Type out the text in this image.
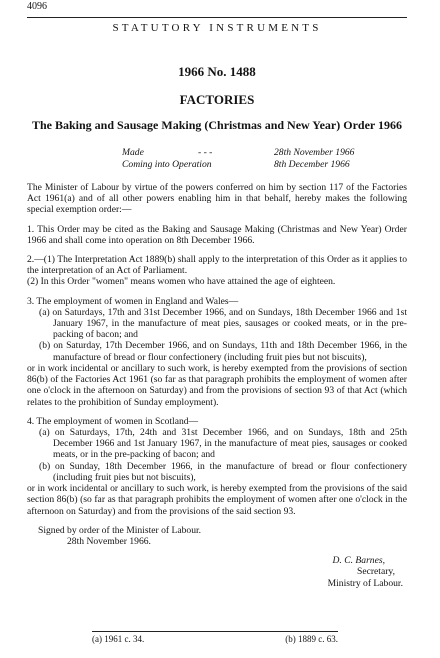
4096
STATUTORY INSTRUMENTS
1966 No. 1488
FACTORIES
The Baking and Sausage Making (Christmas and New Year) Order 1966
Made	- - -	28th November 1966
Coming into Operation	8th December 1966

The Minister of Labour by virtue of the powers conferred on him by section 117 of the Factories Act 1961(a) and of all other powers enabling him in that behalf, hereby makes the following special exemption order:—

1. This Order may be cited as the Baking and Sausage Making (Christmas and New Year) Order 1966 and shall come into operation on 8th December 1966.

2.—(1) The Interpretation Act 1889(b) shall apply to the interpretation of this Order as it applies to the interpretation of an Act of Parliament.

(2) In this Order "women" means women who have attained the age of eighteen.

3. The employment of women in England and Wales—

(a) on Saturdays, 17th and 31st December 1966, and on Sundays, 18th December 1966 and 1st January 1967, in the manufacture of meat pies, sausages or cooked meats, or in the pre-packing of bacon; and

(b) on Saturday, 17th December 1966, and on Sundays, 11th and 18th December 1966, in the manufacture of bread or flour confectionery (including fruit pies but not biscuits),

or in work incidental or ancillary to such work, is hereby exempted from the provisions of section 86(b) of the Factories Act 1961 (so far as that paragraph prohibits the employment of women after one o'clock in the afternoon on Saturday) and from the provisions of section 93 of that Act (which relates to the prohibition of Sunday employment).

4. The employment of women in Scotland—

(a) on Saturdays, 17th, 24th and 31st December 1966, and on Sundays, 18th and 25th December 1966 and 1st January 1967, in the manufacture of meat pies, sausages or cooked meats, or in the pre-packing of bacon; and

(b) on Sunday, 18th December 1966, in the manufacture of bread or flour confectionery (including fruit pies but not biscuits),

or in work incidental or ancillary to such work, is hereby exempted from the provisions of the said section 86(b) (so far as that paragraph prohibits the employment of women after one o'clock in the afternoon on Saturday) and from the provisions of the said section 93.

Signed by order of the Minister of Labour.
28th November 1966.
D. C. Barnes,
Secretary,
Ministry of Labour.
(a) 1961 c. 34.	(b) 1889 c. 63.
